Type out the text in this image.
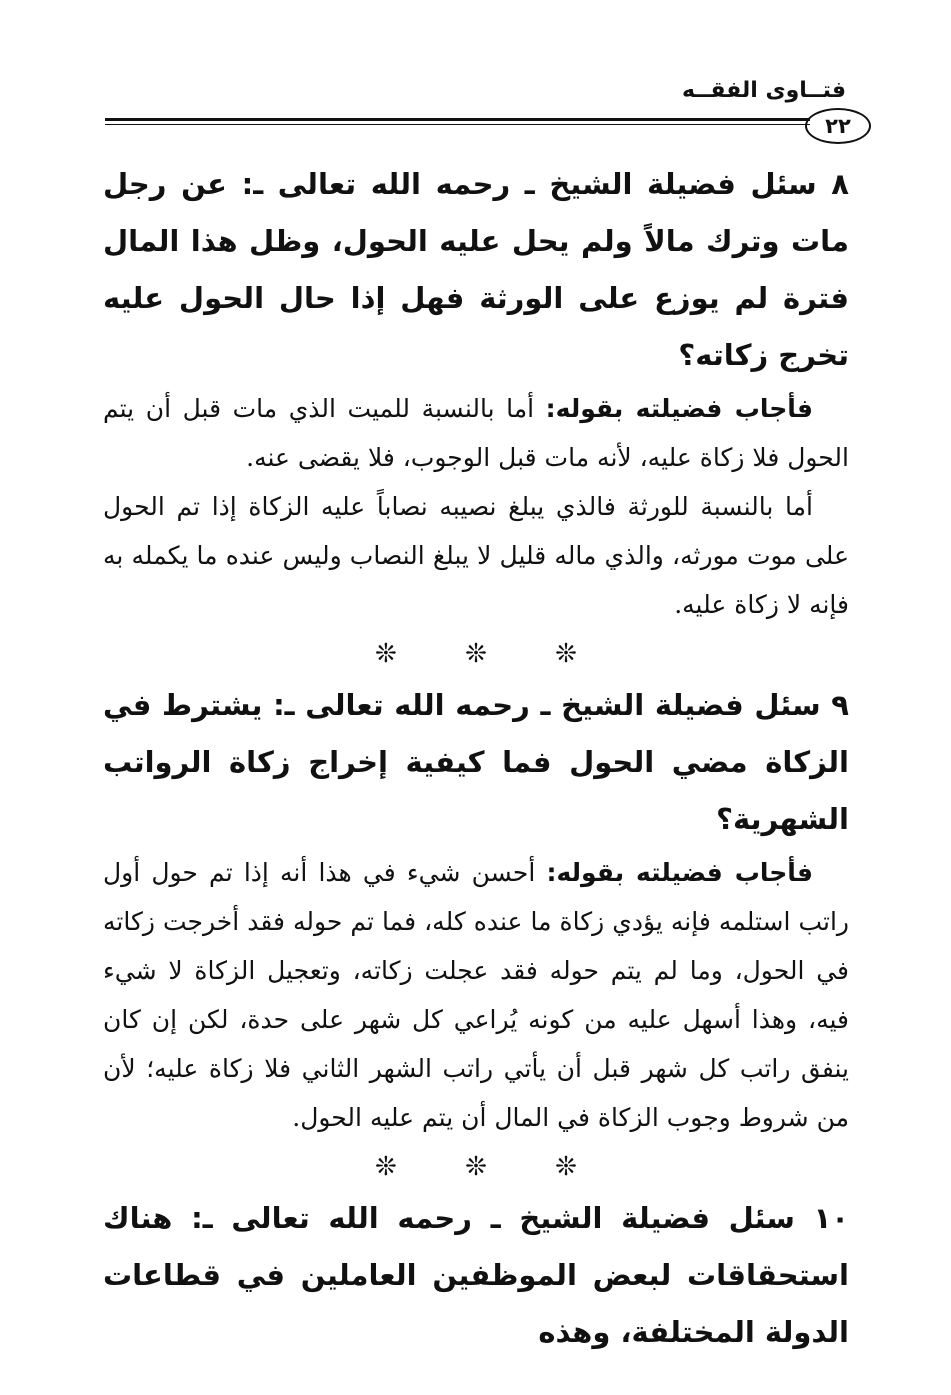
فتــاوى الفقــه
٢٢

٨ سئل فضيلة الشيخ ـ رحمه الله تعالى ـ: عن رجل مات وترك مالاً ولم يحل عليه الحول، وظل هذا المال فترة لم يوزع على الورثة فهل إذا حال الحول عليه تخرج زكاته؟

فأجاب فضيلته بقوله: أما بالنسبة للميت الذي مات قبل أن يتم الحول فلا زكاة عليه، لأنه مات قبل الوجوب، فلا يقضى عنه.

أما بالنسبة للورثة فالذي يبلغ نصيبه نصاباً عليه الزكاة إذا تم الحول على موت مورثه، والذي ماله قليل لا يبلغ النصاب وليس عنده ما يكمله به فإنه لا زكاة عليه.

❊ ❊ ❊

٩ سئل فضيلة الشيخ ـ رحمه الله تعالى ـ: يشترط في الزكاة مضي الحول فما كيفية إخراج زكاة الرواتب الشهرية؟

فأجاب فضيلته بقوله: أحسن شيء في هذا أنه إذا تم حول أول راتب استلمه فإنه يؤدي زكاة ما عنده كله، فما تم حوله فقد أخرجت زكاته في الحول، وما لم يتم حوله فقد عجلت زكاته، وتعجيل الزكاة لا شيء فيه، وهذا أسهل عليه من كونه يُراعي كل شهر على حدة، لكن إن كان ينفق راتب كل شهر قبل أن يأتي راتب الشهر الثاني فلا زكاة عليه؛ لأن من شروط وجوب الزكاة في المال أن يتم عليه الحول.

❊ ❊ ❊

١٠ سئل فضيلة الشيخ ـ رحمه الله تعالى ـ: هناك استحقاقات لبعض الموظفين العاملين في قطاعات الدولة المختلفة، وهذه
